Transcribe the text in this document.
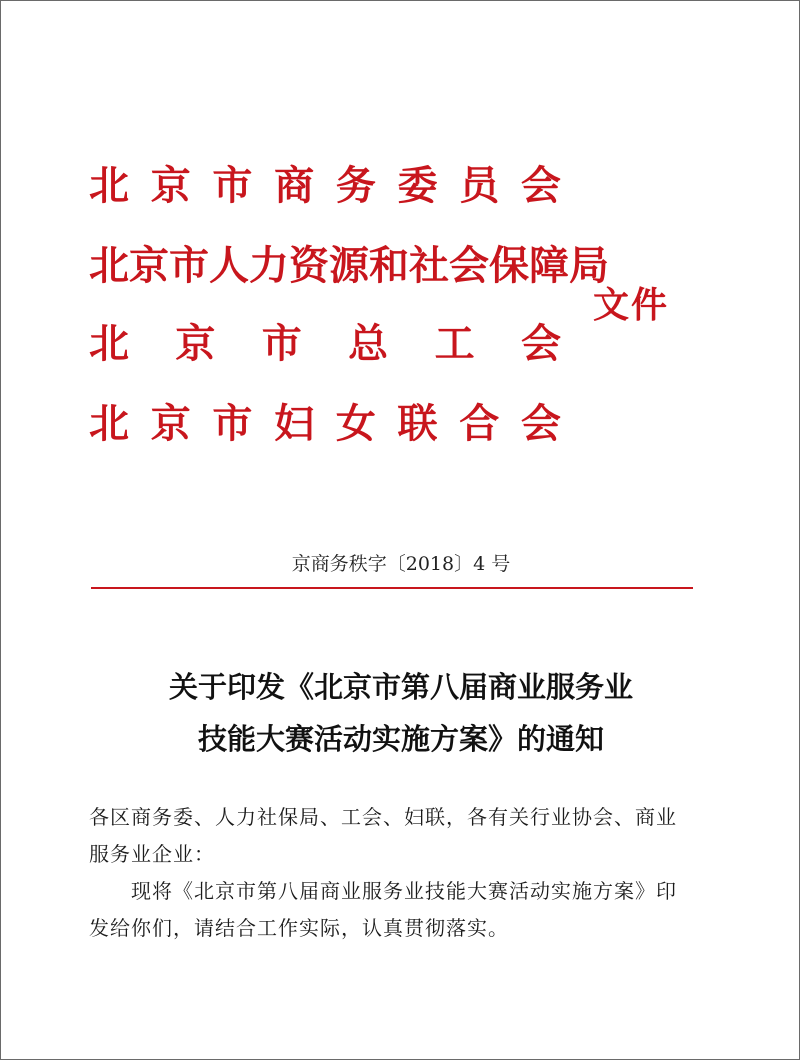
北 京 市 商 务 委 员 会
北 京 市 人 力 资 源 和 社 会 保 障 局
北 京 市 总 工 会
北 京 市 妇 女 联 合 会
文件
京商务秩字〔2018〕4 号
关于印发《北京市第八届商业服务业
技能大赛活动实施方案》的通知

各区商务委、人力社保局、工会、妇联，各有关行业协会、商业服务业企业：

现将《北京市第八届商业服务业技能大赛活动实施方案》印发给你们，请结合工作实际，认真贯彻落实。
